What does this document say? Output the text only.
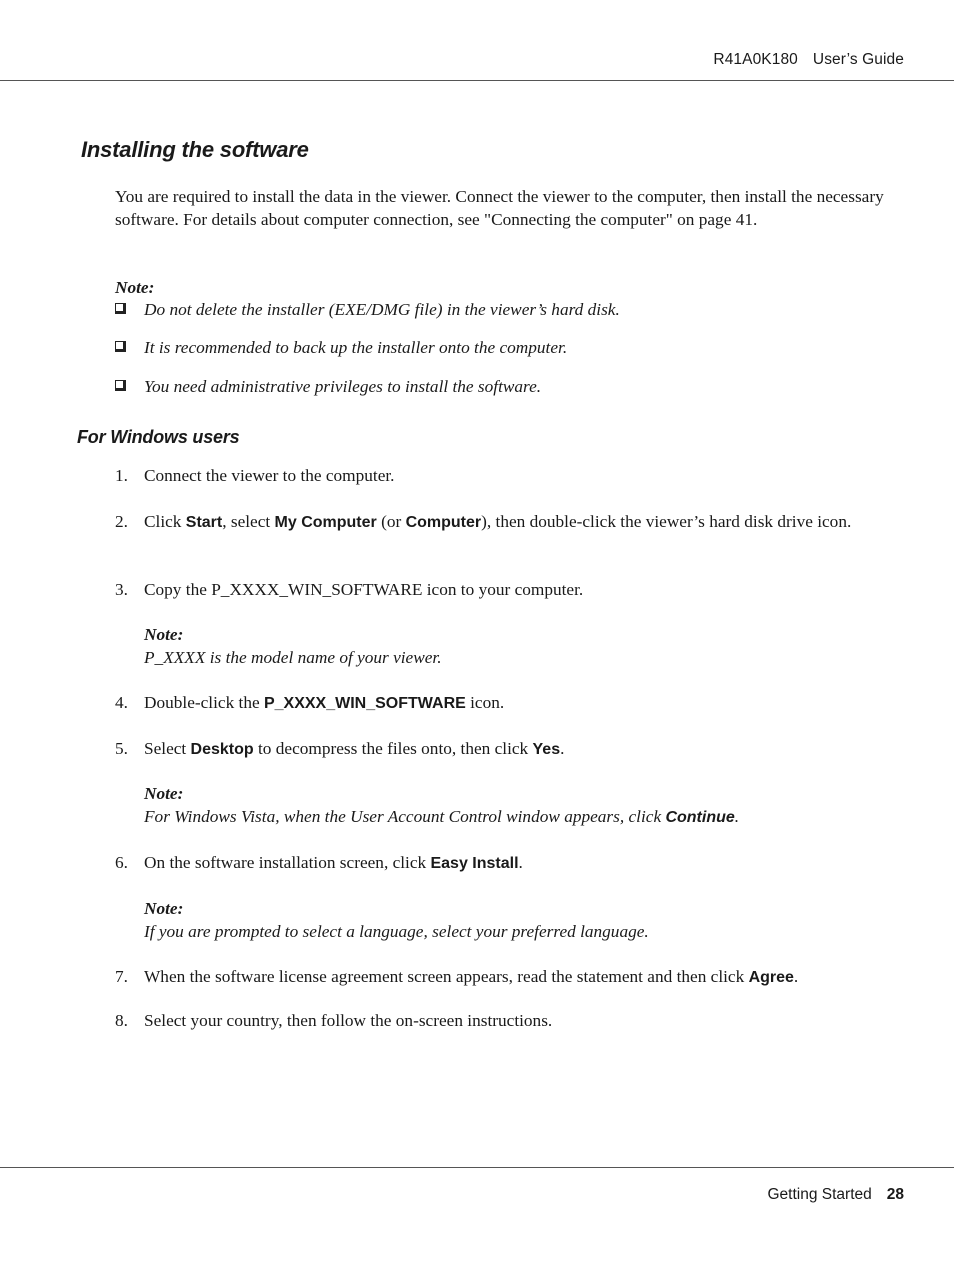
R41A0K180 User’s Guide
Installing the software
You are required to install the data in the viewer. Connect the viewer to the computer, then install the necessary software. For details about computer connection, see "Connecting the computer" on page 41.
Note:
Do not delete the installer (EXE/DMG file) in the viewer’s hard disk.
It is recommended to back up the installer onto the computer.
You need administrative privileges to install the software.
For Windows users
1. Connect the viewer to the computer.
2. Click Start, select My Computer (or Computer), then double-click the viewer’s hard disk drive icon.
3. Copy the P_XXXX_WIN_SOFTWARE icon to your computer.
Note:
P_XXXX is the model name of your viewer.
4. Double-click the P_XXXX_WIN_SOFTWARE icon.
5. Select Desktop to decompress the files onto, then click Yes.
Note:
For Windows Vista, when the User Account Control window appears, click Continue.
6. On the software installation screen, click Easy Install.
Note:
If you are prompted to select a language, select your preferred language.
7. When the software license agreement screen appears, read the statement and then click Agree.
8. Select your country, then follow the on-screen instructions.
Getting Started 28
